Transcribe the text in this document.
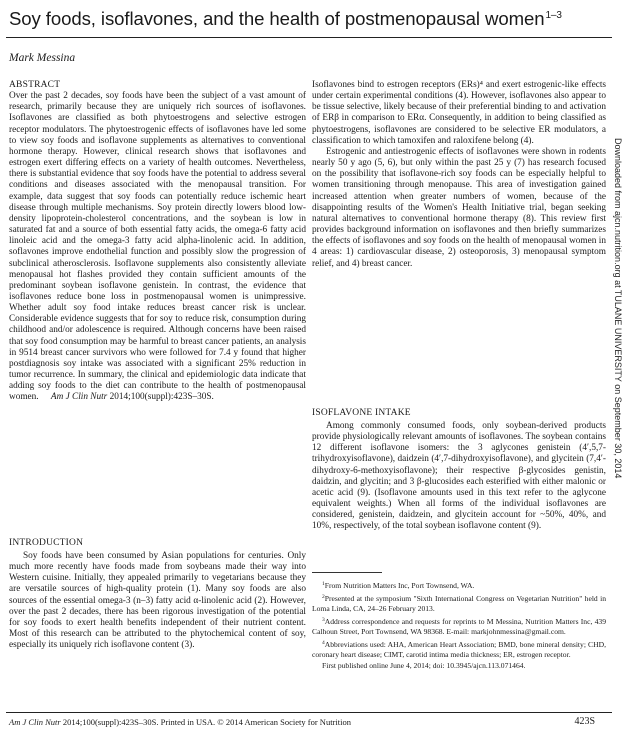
Soy foods, isoflavones, and the health of postmenopausal women$^{1-3}$
Mark Messina
ABSTRACT

Over the past 2 decades, soy foods have been the subject of a vast amount of research, primarily because they are uniquely rich sources of isoflavones. Isoflavones are classified as both phytoestrogens and selective estrogen receptor modulators. The phytoestrogenic effects of isoflavones have led some to view soy foods and isoflavone supplements as alternatives to conventional hormone therapy. However, clinical research shows that isoflavones and estrogen exert differing effects on a variety of health outcomes. Nevertheless, there is substantial evidence that soy foods have the potential to address several conditions and diseases associated with the menopausal transition. For example, data suggest that soy foods can potentially reduce ischemic heart disease through multiple mechanisms. Soy protein directly lowers blood low-density lipoprotein-cholesterol concentrations, and the soybean is low in saturated fat and a source of both essential fatty acids, the omega-6 fatty acid linoleic acid and the omega-3 fatty acid alpha-linolenic acid. In addition, soflavones improve endothelial function and possibly slow the progression of subclinical atherosclerosis. Isoflavone supplements also consistently alleviate menopausal hot flashes provided they contain sufficient amounts of the predominant soybean isoflavone genistein. In contrast, the evidence that isoflavones reduce bone loss in postmenopausal women is unimpressive. Whether adult soy food intake reduces breast cancer risk is unclear. Considerable evidence suggests that for soy to reduce risk, consumption during childhood and/or adolescence is required. Although concerns have been raised that soy food consumption may be harmful to breast cancer patients, an analysis in 9514 breast cancer survivors who were followed for 7.4 y found that higher postdiagnosis soy intake was associated with a significant 25% reduction in tumor recurrence. In summary, the clinical and epidemiologic data indicate that adding soy foods to the diet can contribute to the health of postmenopausal women. Am J Clin Nutr 2014;100(suppl):423S–30S.

INTRODUCTION

Soy foods have been consumed by Asian populations for centuries. Only much more recently have foods made from soybeans made their way into Western cuisine. Initially, they appealed primarily to vegetarians because they are versatile sources of high-quality protein (1). Many soy foods are also sources of the essential omega-3 (n–3) fatty acid α-linolenic acid (2). However, over the past 2 decades, there has been rigorous investigation of the potential for soy foods to exert health benefits independent of their nutrient content. Most of this research can be attributed to the phytochemical content of soy, especially its uniquely rich isoflavone content (3).

Isoflavones bind to estrogen receptors (ERs)⁴ and exert estrogenic-like effects under certain experimental conditions (4). However, isoflavones also appear to be tissue selective, likely because of their preferential binding to and activation of ERβ in comparison to ERα. Consequently, in addition to being classified as phytoestrogens, isoflavones are considered to be selective ER modulators, a classification to which tamoxifen and raloxifene belong (4).

Estrogenic and antiestrogenic effects of isoflavones were shown in rodents nearly 50 y ago (5, 6), but only within the past 25 y (7) has research focused on the possibility that isoflavone-rich soy foods can be especially helpful to women transitioning through menopause. This area of investigation gained increased attention when greater numbers of women, because of the disappointing results of the Women's Health Initiative trial, began seeking natural alternatives to conventional hormone therapy (8). This review first provides background information on isoflavones and then briefly summarizes the effects of isoflavones and soy foods on the health of menopausal women in 4 areas: 1) cardiovascular disease, 2) osteoporosis, 3) menopausal symptom relief, and 4) breast cancer.

ISOFLAVONE INTAKE

Among commonly consumed foods, only soybean-derived products provide physiologically relevant amounts of isoflavones. The soybean contains 12 different isoflavone isomers: the 3 aglycones genistein (4′,5,7-trihydroxyisoflavone), daidzein (4′,7-dihydroxyisoflavone), and glycitein (7,4′-dihydroxy-6-methoxyisoflavone); their respective β-glycosides genistin, daidzin, and glycitin; and 3 β-glucosides each esterified with either malonic or acetic acid (9). (Isoflavone amounts used in this text refer to the aglycone equivalent weights.) When all forms of the individual isoflavones are considered, genistein, daidzein, and glycitein account for ~50%, 40%, and 10%, respectively, of the total soybean isoflavone content (9).

$^1$From Nutrition Matters Inc, Port Townsend, WA.

$^2$Presented at the symposium "Sixth International Congress on Vegetarian Nutrition" held in Loma Linda, CA, 24–26 February 2013.

$^3$Address correspondence and requests for reprints to M Messina, Nutrition Matters Inc, 439 Calhoun Street, Port Townsend, WA 98368. E-mail: markjohnmessina@gmail.com.

$^4$Abbreviations used: AHA, American Heart Association; BMD, bone mineral density; CHD, coronary heart disease; CIMT, carotid intima media thickness; ER, estrogen receptor.

First published online June 4, 2014; doi: 10.3945/ajcn.113.071464.

Downloaded from ajcn.nutrition.org at TULANE UNIVERSITY on September 30, 2014
Am J Clin Nutr 2014;100(suppl):423S–30S. Printed in USA. © 2014 American Society for Nutrition	423S
